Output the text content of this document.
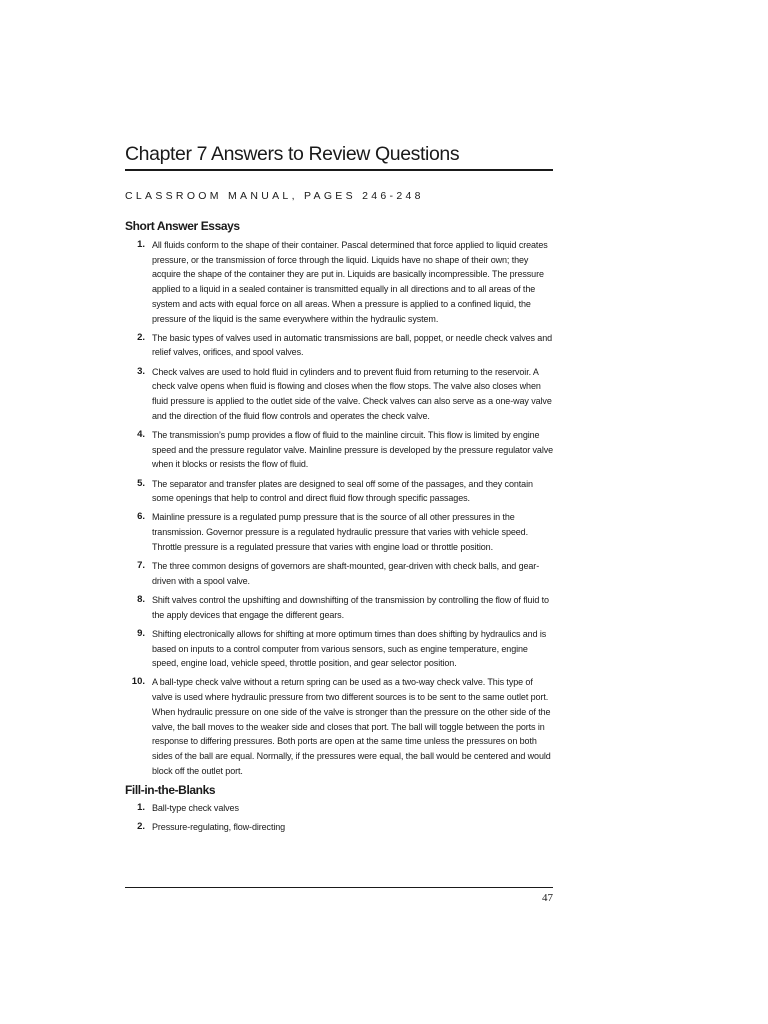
Chapter 7 Answers to Review Questions
CLASSROOM MANUAL, PAGES 246-248
Short Answer Essays
1. All fluids conform to the shape of their container. Pascal determined that force applied to liquid creates pressure, or the transmission of force through the liquid. Liquids have no shape of their own; they acquire the shape of the container they are put in. Liquids are basically incompressible. The pressure applied to a liquid in a sealed container is transmitted equally in all directions and to all areas of the system and acts with equal force on all areas. When a pressure is applied to a confined liquid, the pressure of the liquid is the same everywhere within the hydraulic system.
2. The basic types of valves used in automatic transmissions are ball, poppet, or needle check valves and relief valves, orifices, and spool valves.
3. Check valves are used to hold fluid in cylinders and to prevent fluid from returning to the reservoir. A check valve opens when fluid is flowing and closes when the flow stops. The valve also closes when fluid pressure is applied to the outlet side of the valve. Check valves can also serve as a one-way valve and the direction of the fluid flow controls and operates the check valve.
4. The transmission’s pump provides a flow of fluid to the mainline circuit. This flow is limited by engine speed and the pressure regulator valve. Mainline pressure is developed by the pressure regulator valve when it blocks or resists the flow of fluid.
5. The separator and transfer plates are designed to seal off some of the passages, and they contain some openings that help to control and direct fluid flow through specific passages.
6. Mainline pressure is a regulated pump pressure that is the source of all other pressures in the transmission. Governor pressure is a regulated hydraulic pressure that varies with vehicle speed. Throttle pressure is a regulated pressure that varies with engine load or throttle position.
7. The three common designs of governors are shaft-mounted, gear-driven with check balls, and gear-driven with a spool valve.
8. Shift valves control the upshifting and downshifting of the transmission by controlling the flow of fluid to the apply devices that engage the different gears.
9. Shifting electronically allows for shifting at more optimum times than does shifting by hydraulics and is based on inputs to a control computer from various sensors, such as engine temperature, engine speed, engine load, vehicle speed, throttle position, and gear selector position.
10. A ball-type check valve without a return spring can be used as a two-way check valve. This type of valve is used where hydraulic pressure from two different sources is to be sent to the same outlet port. When hydraulic pressure on one side of the valve is stronger than the pressure on the other side of the valve, the ball moves to the weaker side and closes that port. The ball will toggle between the ports in response to differing pressures. Both ports are open at the same time unless the pressures on both sides of the ball are equal. Normally, if the pressures were equal, the ball would be centered and would block off the outlet port.
Fill-in-the-Blanks
1. Ball-type check valves
2. Pressure-regulating, flow-directing
47
